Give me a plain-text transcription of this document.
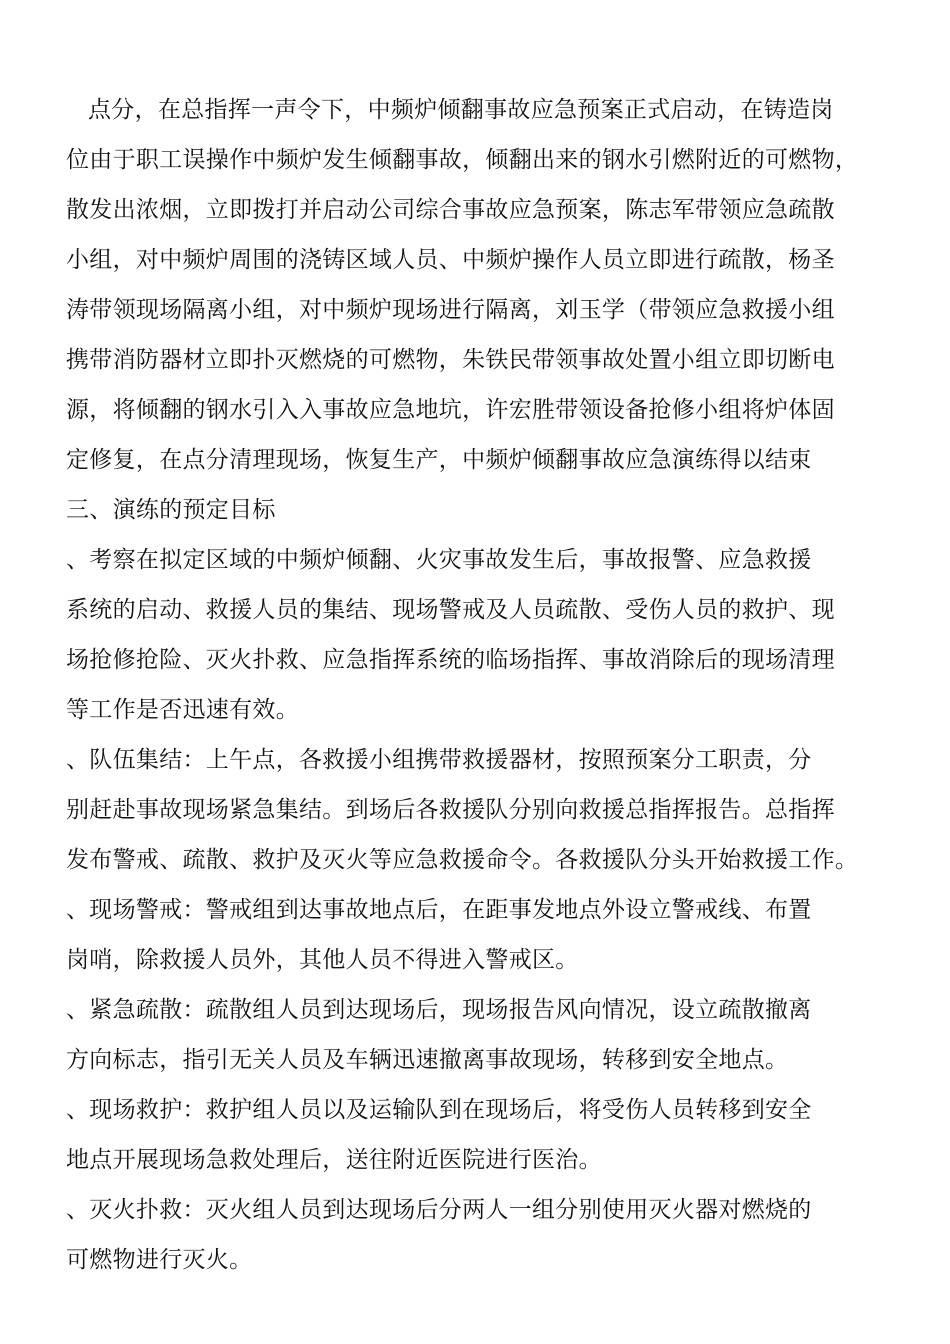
点分，在总指挥一声令下，中频炉倾翻事故应急预案正式启动，在铸造岗
位由于职工误操作中频炉发生倾翻事故，倾翻出来的钢水引燃附近的可燃物，
散发出浓烟，立即拨打并启动公司综合事故应急预案，陈志军带领应急疏散
小组，对中频炉周围的浇铸区域人员、中频炉操作人员立即进行疏散，杨圣
涛带领现场隔离小组，对中频炉现场进行隔离，刘玉学（带领应急救援小组
携带消防器材立即扑灭燃烧的可燃物，朱铁民带领事故处置小组立即切断电
源，将倾翻的钢水引入入事故应急地坑，许宏胜带领设备抢修小组将炉体固
定修复，在点分清理现场，恢复生产，中频炉倾翻事故应急演练得以结束
三、演练的预定目标
、考察在拟定区域的中频炉倾翻、火灾事故发生后，事故报警、应急救援
系统的启动、救援人员的集结、现场警戒及人员疏散、受伤人员的救护、现
场抢修抢险、灭火扑救、应急指挥系统的临场指挥、事故消除后的现场清理
等工作是否迅速有效。
、队伍集结：上午点，各救援小组携带救援器材，按照预案分工职责，分
别赶赴事故现场紧急集结。到场后各救援队分别向救援总指挥报告。总指挥
发布警戒、疏散、救护及灭火等应急救援命令。各救援队分头开始救援工作。
、现场警戒：警戒组到达事故地点后，在距事发地点外设立警戒线、布置
岗哨，除救援人员外，其他人员不得进入警戒区。
、紧急疏散：疏散组人员到达现场后，现场报告风向情况，设立疏散撤离
方向标志，指引无关人员及车辆迅速撤离事故现场，转移到安全地点。
、现场救护：救护组人员以及运输队到在现场后，将受伤人员转移到安全
地点开展现场急救处理后，送往附近医院进行医治。
、灭火扑救：灭火组人员到达现场后分两人一组分别使用灭火器对燃烧的
可燃物进行灭火。
